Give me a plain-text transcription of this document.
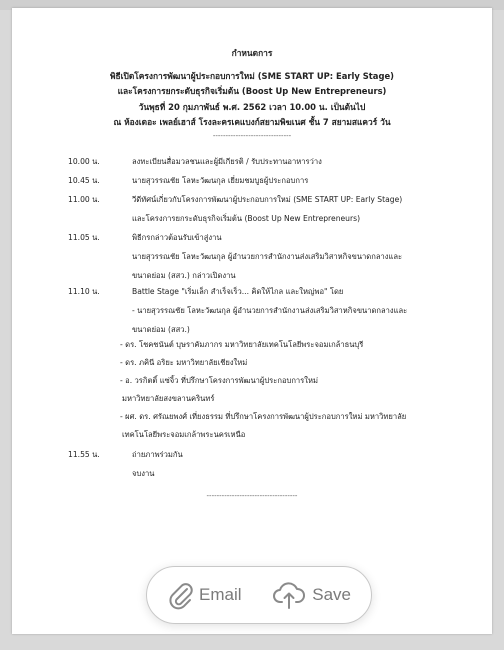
กำหนดการ
พิธีเปิดโครงการพัฒนาผู้ประกอบการใหม่ (SME START UP: Early Stage)
และโครงการยกระดับธุรกิจเริ่มต้น (Boost Up New Entrepreneurs)
วันพุธที่ 20 กุมภาพันธ์ พ.ศ. 2562 เวลา 10.00 น. เป็นต้นไป
ณ ห้องเดอะ เพลย์เฮาส์ โรงละครเคแบงก์สยามพิฆเนศ ชั้น 7 สยามสแควร์ วัน
-------------------------------
10.00 น.	ลงทะเบียนสื่อมวลชนและผู้มีเกียรติ / รับประทานอาหารว่าง
10.45 น.	นายสุวรรณชัย โลหะวัฒนกุล เยี่ยมชมบูธผู้ประกอบการ
11.00 น.	วีดีทัศน์เกี่ยวกับโครงการพัฒนาผู้ประกอบการใหม่ (SME START UP: Early Stage)
และโครงการยกระดับธุรกิจเริ่มต้น (Boost Up New Entrepreneurs)
11.05 น.	พิธีกรกล่าวต้อนรับเข้าสู่งาน
นายสุวรรณชัย โลหะวัฒนกุล ผู้อำนวยการสำนักงานส่งเสริมวิสาหกิจขนาดกลางและ
ขนาดย่อม (สสว.) กล่าวเปิดงาน
11.10 น.	Battle Stage "เริ่มเล็ก สำเร็จเร็ว... คิดให้ไกล และใหญ่พอ" โดย
- นายสุวรรณชัย โลหะวัฒนกุล ผู้อำนวยการสำนักงานส่งเสริมวิสาหกิจขนาดกลางและ
ขนาดย่อม (สสว.)
- ดร. โชคชนันต์ บุษราคัมภากร มหาวิทยาลัยเทคโนโลยีพระจอมเกล้าธนบุรี
- ดร. ภคินี อริยะ มหาวิทยาลัยเชียงใหม่
- อ. วรกิตติ์ แซ่จิ้ว ที่ปรึกษาโครงการพัฒนาผู้ประกอบการใหม่
มหาวิทยาลัยสงขลานครินทร์
- ผศ. ดร. ศรัณยพงศ์ เที่ยงธรรม ที่ปรึกษาโครงการพัฒนาผู้ประกอบการใหม่ มหาวิทยาลัย
เทคโนโลยีพระจอมเกล้าพระนครเหนือ
11.55 น.	ถ่ายภาพร่วมกัน
จบงาน
------------------------------------
Email	Save
